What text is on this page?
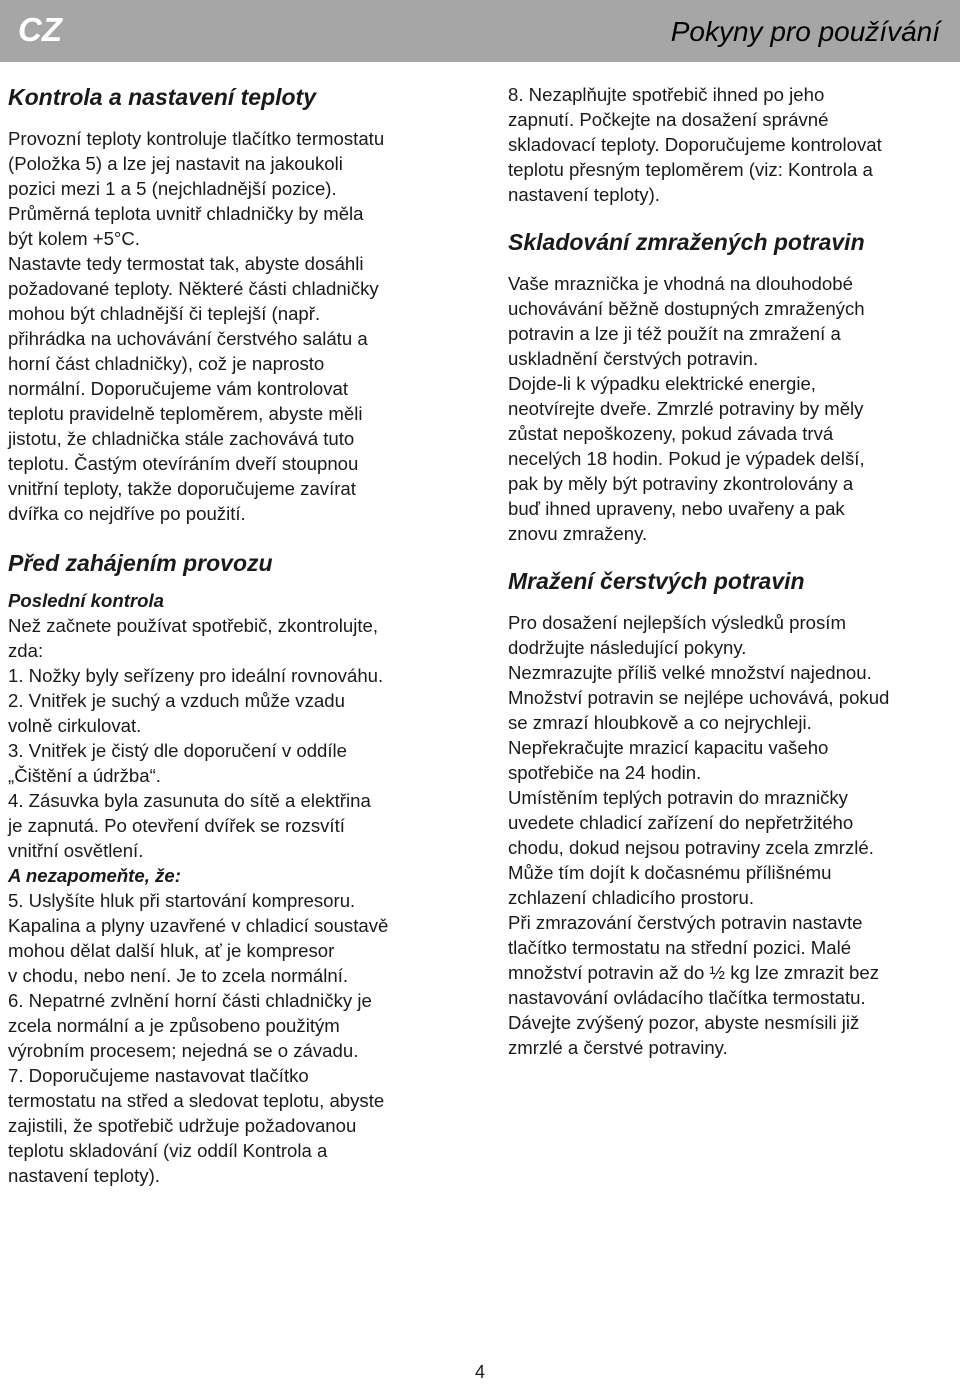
CZ	Pokyny pro používání
Kontrola a nastavení teploty

Provozní teploty kontroluje tlačítko termostatu

(Položka 5) a lze jej nastavit na jakoukoli

pozici mezi 1 a 5 (nejchladnější pozice).

Průměrná teplota uvnitř chladničky by měla

být kolem +5°C.

Nastavte tedy termostat tak, abyste dosáhli

požadované teploty. Některé části chladničky

mohou být chladnější či teplejší (např.

přihrádka na uchovávání čerstvého salátu a

horní část chladničky), což je naprosto

normální. Doporučujeme vám kontrolovat

teplotu pravidelně teploměrem, abyste měli

jistotu, že chladnička stále zachovává tuto

teplotu. Častým otevíráním dveří stoupnou

vnitřní teploty, takže doporučujeme zavírat

dvířka co nejdříve po použití.

Před zahájením provozu

Poslední kontrola

Než začnete používat spotřebič, zkontrolujte,

zda:

1. Nožky byly seřízeny pro ideální rovnováhu.

2. Vnitřek je suchý a vzduch může vzadu

volně cirkulovat.

3. Vnitřek je čistý dle doporučení v oddíle

„Čištění a údržba“.

4. Zásuvka byla zasunuta do sítě a elektřina

je zapnutá. Po otevření dvířek se rozsvítí

vnitřní osvětlení.

A nezapomeňte, že:

5. Uslyšíte hluk při startování kompresoru.

Kapalina a plyny uzavřené v chladicí soustavě

mohou dělat další hluk, ať je kompresor

v chodu, nebo není. Je to zcela normální.

6. Nepatrné zvlnění horní části chladničky je

zcela normální a je způsobeno použitým

výrobním procesem; nejedná se o závadu.

7. Doporučujeme nastavovat tlačítko

termostatu na střed a sledovat teplotu, abyste

zajistili, že spotřebič udržuje požadovanou

teplotu skladování (viz oddíl Kontrola a

nastavení teploty).

8. Nezaplňujte spotřebič ihned po jeho

zapnutí. Počkejte na dosažení správné

skladovací teploty. Doporučujeme kontrolovat

teplotu přesným teploměrem (viz: Kontrola a

nastavení teploty).

Skladování zmražených potravin

Vaše mraznička je vhodná na dlouhodobé

uchovávání běžně dostupných zmražených

potravin a lze ji též použít na zmražení a

uskladnění čerstvých potravin.

Dojde-li k výpadku elektrické energie,

neotvírejte dveře. Zmrzlé potraviny by měly

zůstat nepoškozeny, pokud závada trvá

necelých 18 hodin. Pokud je výpadek delší,

pak by měly být potraviny zkontrolovány a

buď ihned upraveny, nebo uvařeny a pak

znovu zmraženy.

Mražení čerstvých potravin

Pro dosažení nejlepších výsledků prosím

dodržujte následující pokyny.

Nezmrazujte příliš velké množství najednou.

Množství potravin se nejlépe uchovává, pokud

se zmrazí hloubkově a co nejrychleji.

Nepřekračujte mrazicí kapacitu vašeho

spotřebiče na 24 hodin.

Umístěním teplých potravin do mrazničky

uvedete chladicí zařízení do nepřetržitého

chodu, dokud nejsou potraviny zcela zmrzlé.

Může tím dojít k dočasnému přílišnému

zchlazení chladicího prostoru.

Při zmrazování čerstvých potravin nastavte

tlačítko termostatu na střední pozici. Malé

množství potravin až do ½ kg lze zmrazit bez

nastavování ovládacího tlačítka termostatu.

Dávejte zvýšený pozor, abyste nesmísili již

zmrzlé a čerstvé potraviny.

4
